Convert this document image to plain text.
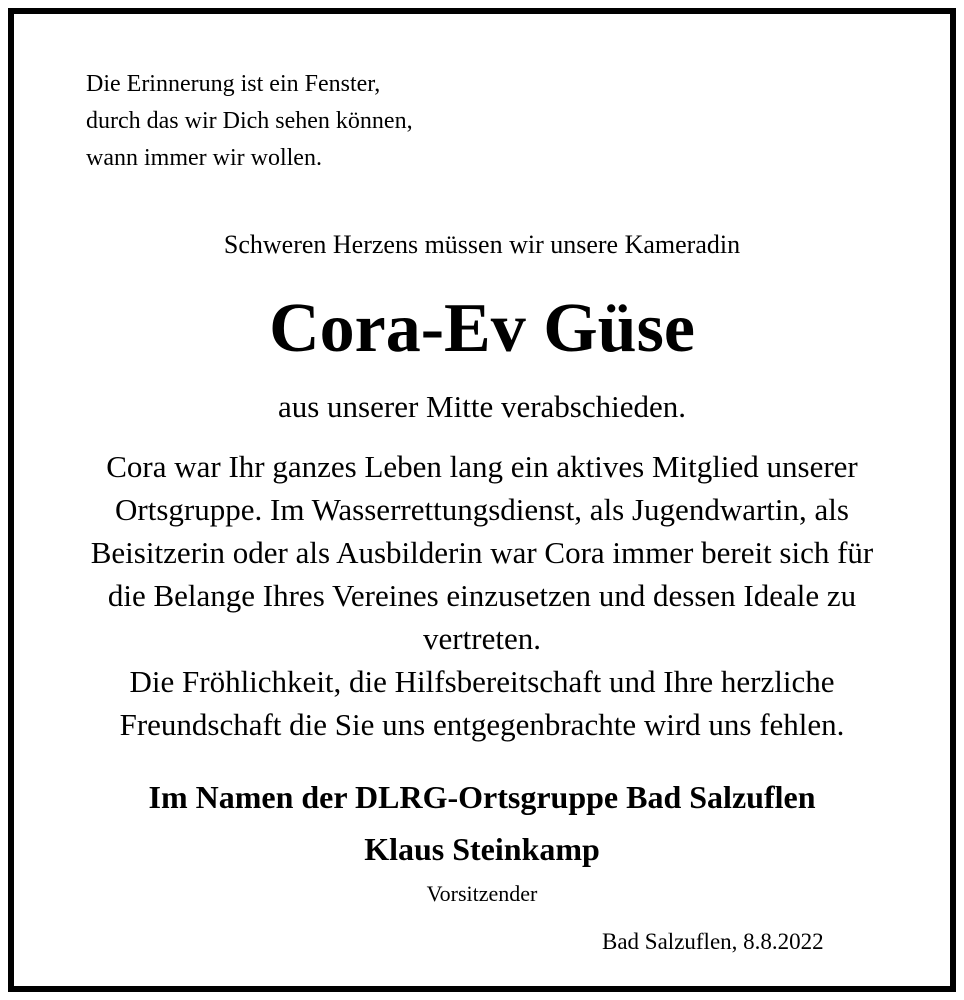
Die Erinnerung ist ein Fenster,
durch das wir Dich sehen können,
wann immer wir wollen.
Schweren Herzens müssen wir unsere Kameradin
Cora-Ev Güse
aus unserer Mitte verabschieden.
Cora war Ihr ganzes Leben lang ein aktives Mitglied unserer
Ortsgruppe. Im Wasserrettungsdienst, als Jugendwartin, als
Beisitzerin oder als Ausbilderin war Cora immer bereit sich für
die Belange Ihres Vereines einzusetzen und dessen Ideale zu
vertreten.
Die Fröhlichkeit, die Hilfsbereitschaft und Ihre herzliche
Freundschaft die Sie uns entgegenbrachte wird uns fehlen.
Im Namen der DLRG-Ortsgruppe Bad Salzuflen
Klaus Steinkamp
Vorsitzender
Bad Salzuflen, 8.8.2022
